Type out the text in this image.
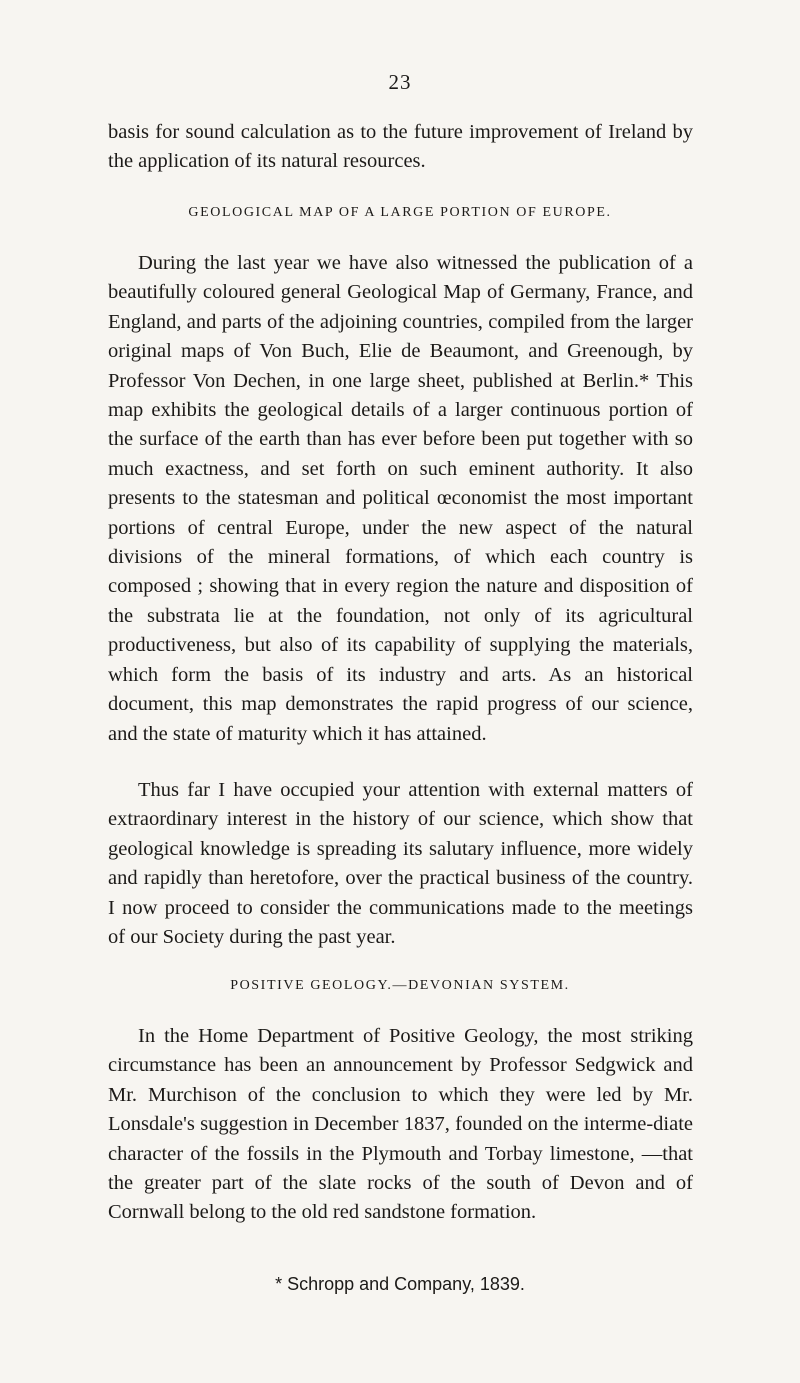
23

basis for sound calculation as to the future improvement of Ireland by the application of its natural resources.

GEOLOGICAL MAP OF A LARGE PORTION OF EUROPE.

During the last year we have also witnessed the publication of a beautifully coloured general Geological Map of Germany, France, and England, and parts of the adjoining countries, compiled from the larger original maps of Von Buch, Elie de Beaumont, and Greenough, by Professor Von Dechen, in one large sheet, published at Berlin.* This map exhibits the geological details of a larger continuous portion of the surface of the earth than has ever before been put together with so much exactness, and set forth on such eminent authority. It also presents to the statesman and political œconomist the most important portions of central Europe, under the new aspect of the natural divisions of the mineral formations, of which each country is composed ; showing that in every region the nature and disposition of the substrata lie at the foundation, not only of its agricultural productiveness, but also of its capability of supplying the materials, which form the basis of its industry and arts. As an historical document, this map demonstrates the rapid progress of our science, and the state of maturity which it has attained.

Thus far I have occupied your attention with external matters of extraordinary interest in the history of our science, which show that geological knowledge is spreading its salutary influence, more widely and rapidly than heretofore, over the practical business of the country. I now proceed to consider the communications made to the meetings of our Society during the past year.

POSITIVE GEOLOGY.—DEVONIAN SYSTEM.

In the Home Department of Positive Geology, the most striking circumstance has been an announcement by Professor Sedgwick and Mr. Murchison of the conclusion to which they were led by Mr. Lonsdale's suggestion in December 1837, founded on the interme-diate character of the fossils in the Plymouth and Torbay limestone, —that the greater part of the slate rocks of the south of Devon and of Cornwall belong to the old red sandstone formation.

* Schropp and Company, 1839.
